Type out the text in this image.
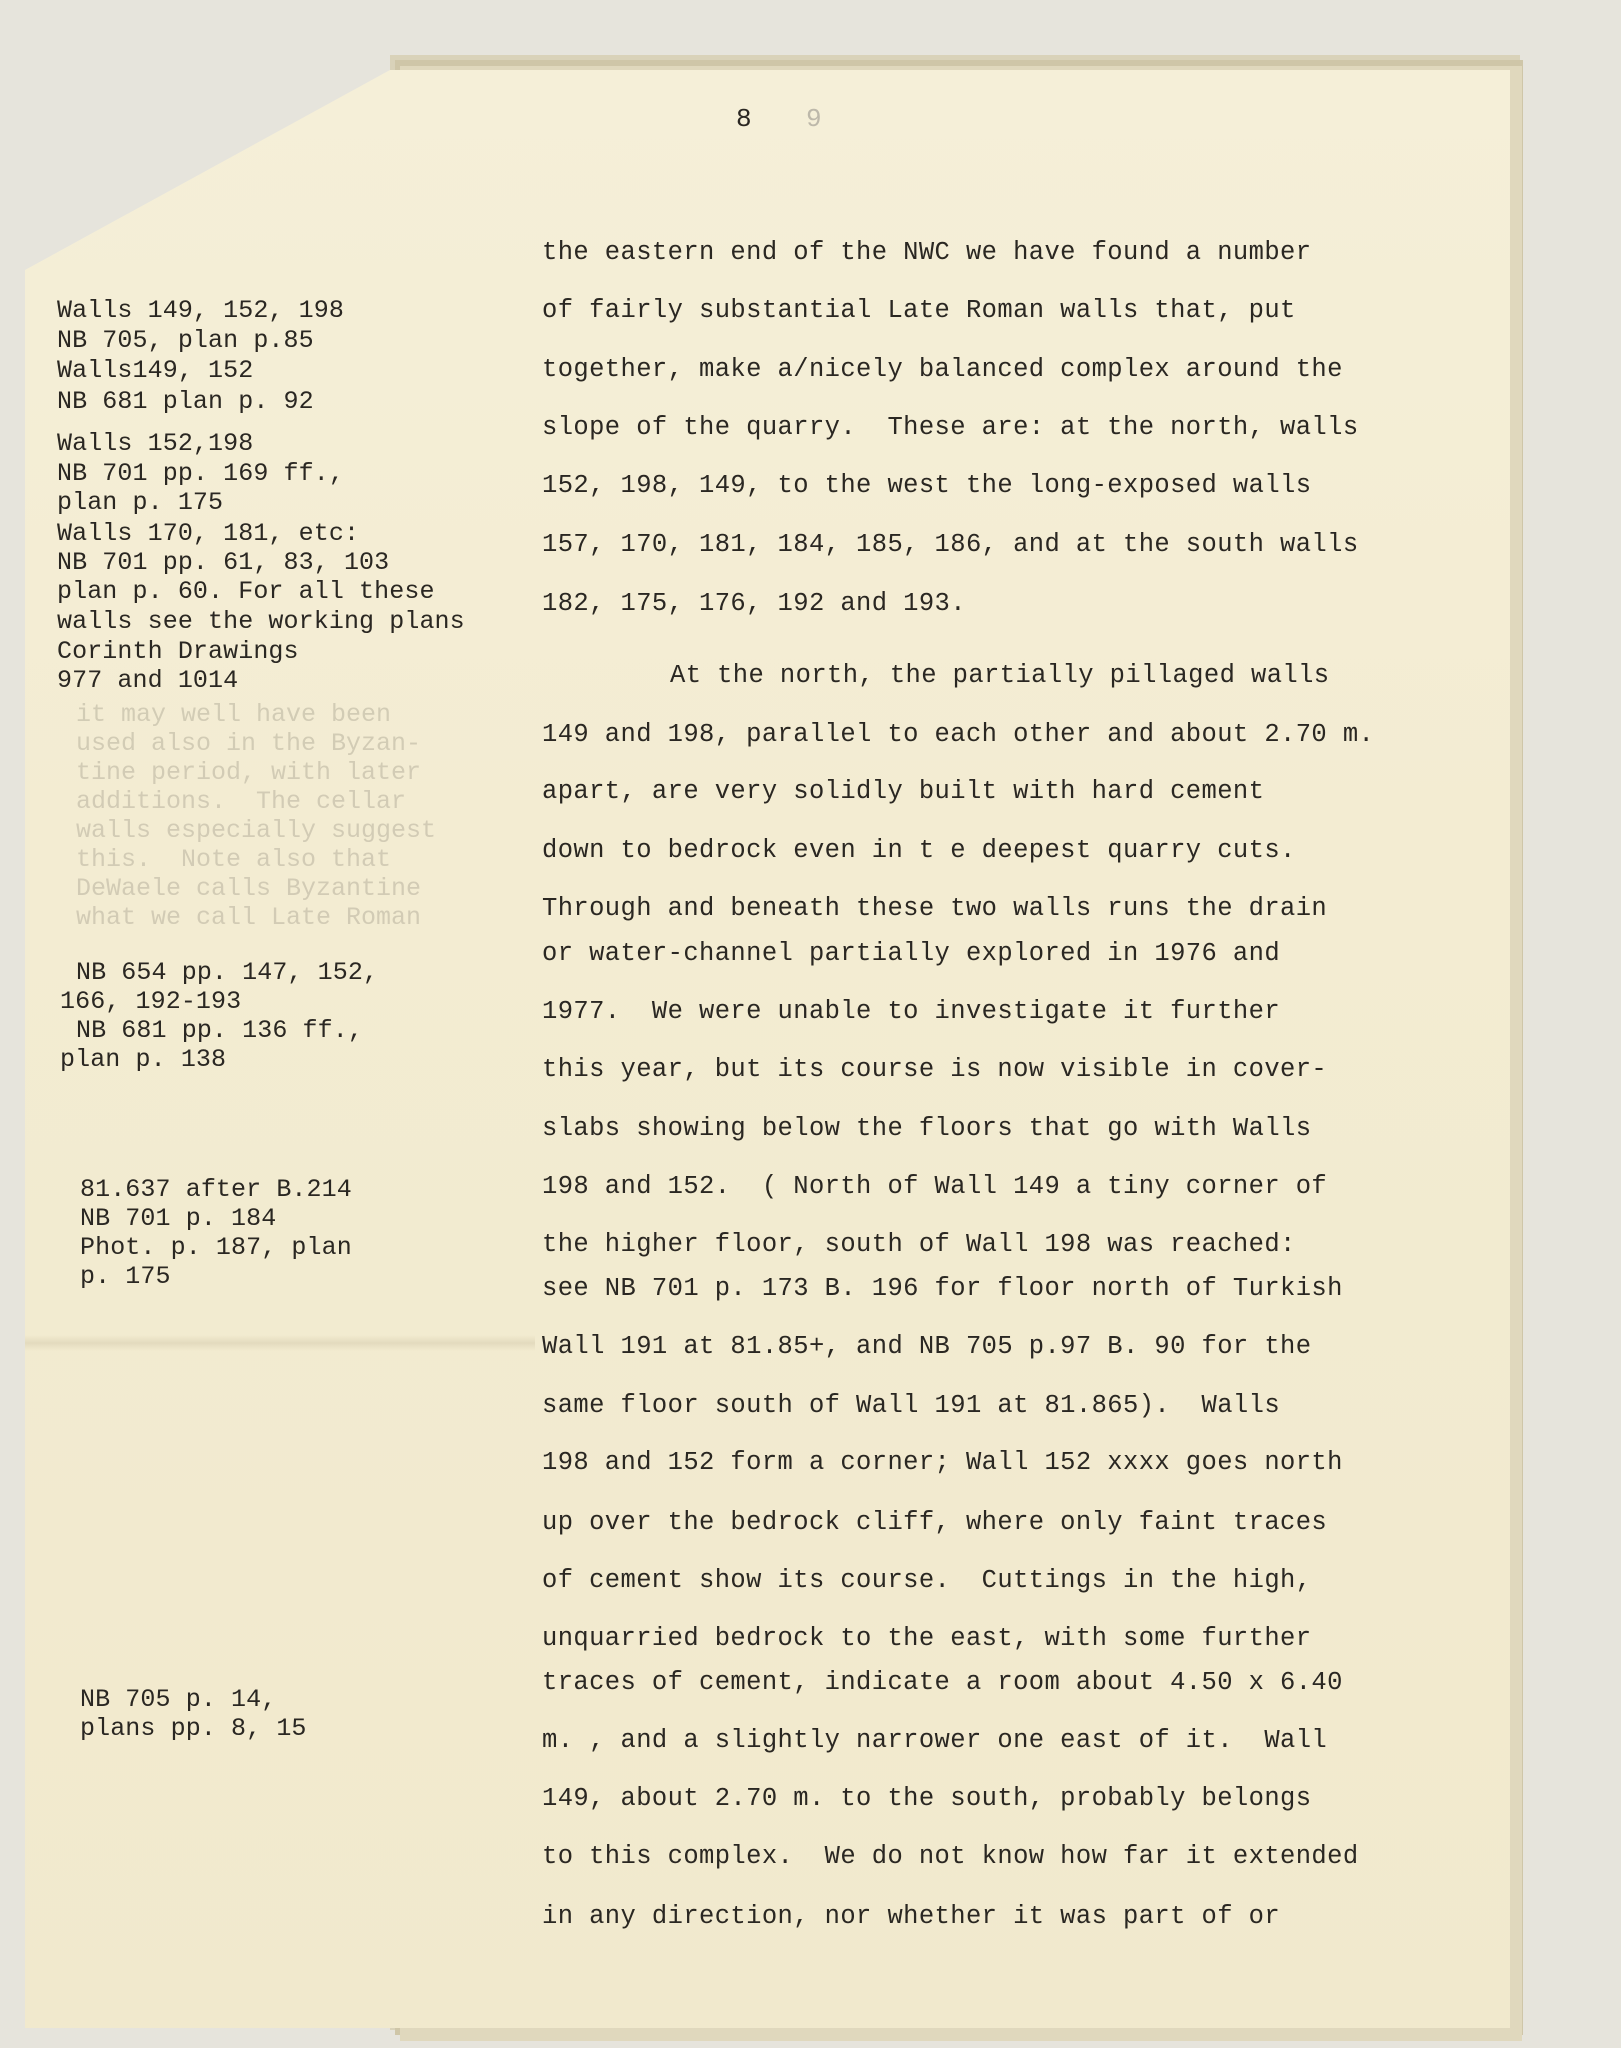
it may well have been
used also in the Byzan-
tine period, with later
additions.  The cellar
walls especially suggest
this.  Note also that
DeWaele calls Byzantine
what we call Late Roman
8 9
Walls 149, 152, 198
NB 705, plan p.85
Walls149, 152
NB 681 plan p. 92
Walls 152,198
NB 701 pp. 169 ff.,
plan p. 175
Walls 170, 181, etc:
NB 701 pp. 61, 83, 103
plan p. 60. For all these
walls see the working plans
Corinth Drawings
977 and 1014
NB 654 pp. 147, 152,
166, 192-193
NB 681 pp. 136 ff.,
plan p. 138
81.637 after B.214
NB 701 p. 184
Phot. p. 187, plan
p. 175
NB 705 p. 14,
plans pp. 8, 15
the eastern end of the NWC we have found a number
of fairly substantial Late Roman walls that, put
together, make a/nicely balanced complex around the
slope of the quarry.  These are: at the north, walls
152, 198, 149, to the west the long-exposed walls
157, 170, 181, 184, 185, 186, and at the south walls
182, 175, 176, 192 and 193.
At the north, the partially pillaged walls
149 and 198, parallel to each other and about 2.70 m.
apart, are very solidly built with hard cement
down to bedrock even in t e deepest quarry cuts.
Through and beneath these two walls runs the drain
or water-channel partially explored in 1976 and
1977.  We were unable to investigate it further
this year, but its course is now visible in cover-
slabs showing below the floors that go with Walls
198 and 152.  ( North of Wall 149 a tiny corner of
the higher floor, south of Wall 198 was reached:
see NB 701 p. 173 B. 196 for floor north of Turkish
Wall 191 at 81.85+, and NB 705 p.97 B. 90 for the
same floor south of Wall 191 at 81.865).  Walls
198 and 152 form a corner; Wall 152 xxxx goes north
up over the bedrock cliff, where only faint traces
of cement show its course.  Cuttings in the high,
unquarried bedrock to the east, with some further
traces of cement, indicate a room about 4.50 x 6.40
m. , and a slightly narrower one east of it.  Wall
149, about 2.70 m. to the south, probably belongs
to this complex.  We do not know how far it extended
in any direction, nor whether it was part of or
